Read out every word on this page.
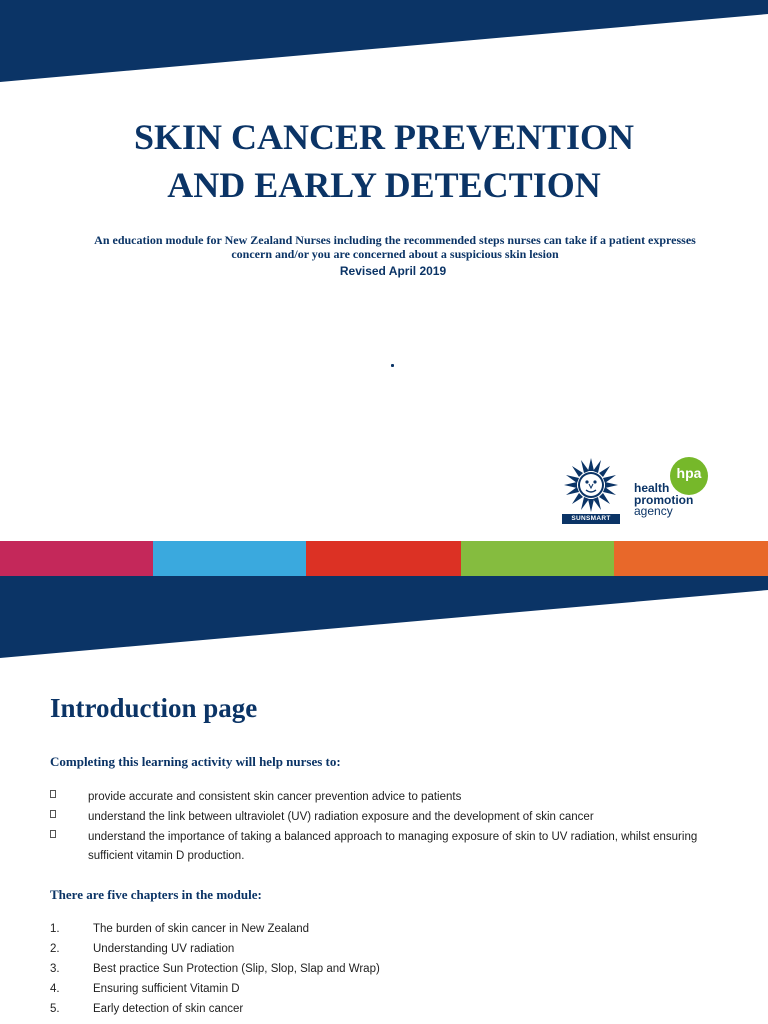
SKIN CANCER PREVENTION
AND EARLY DETECTION

An education module for New Zealand Nurses including the recommended steps nurses can take if a patient expresses
concern and/or you are concerned about a suspicious skin lesion

Revised April 2019
SUNSMART
hpa
health
promotion
agency
Introduction page

Completing this learning activity will help nurses to:

provide accurate and consistent skin cancer prevention advice to patients
understand the link between ultraviolet (UV) radiation exposure and the development of skin cancer
understand the importance of taking a balanced approach to managing exposure of skin to UV radiation, whilst ensuring sufficient vitamin D production.

There are five chapters in the module:

1.	The burden of skin cancer in New Zealand
2.	Understanding UV radiation
3.	Best practice Sun Protection (Slip, Slop, Slap and Wrap)
4.	Ensuring sufficient Vitamin D
5.	Early detection of skin cancer
